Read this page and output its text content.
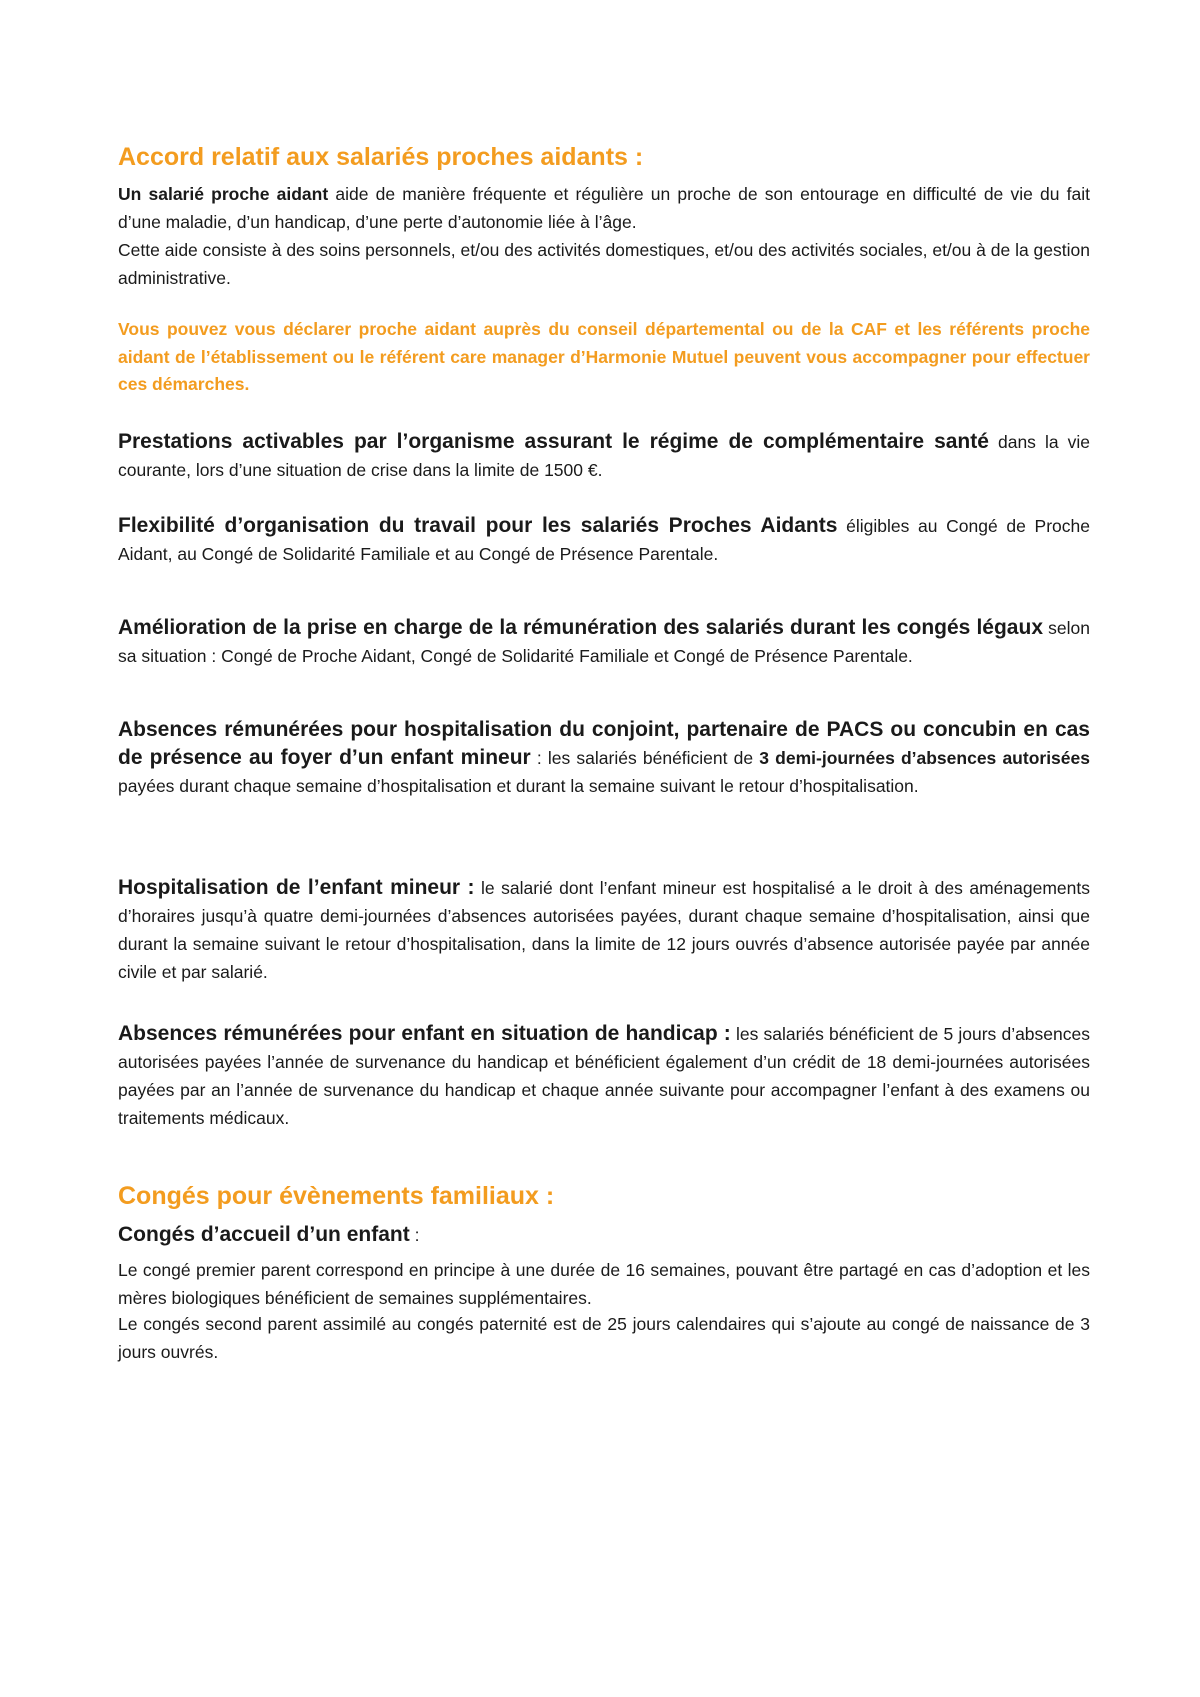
Accord relatif aux salariés proches aidants :

Un salarié proche aidant aide de manière fréquente et régulière un proche de son entourage en difficulté de vie du fait d’une maladie, d’un handicap, d’une perte d’autonomie liée à l’âge.

Cette aide consiste à des soins personnels, et/ou des activités domestiques, et/ou des activités sociales, et/ou à de la gestion administrative.

Vous pouvez vous déclarer proche aidant auprès du conseil départemental ou de la CAF et les référents proche aidant de l’établissement ou le référent care manager d’Harmonie Mutuel peuvent vous accompagner pour effectuer ces démarches.

Prestations activables par l’organisme assurant le régime de complémentaire santé dans la vie courante, lors d’une situation de crise dans la limite de 1500 €.

Flexibilité d’organisation du travail pour les salariés Proches Aidants éligibles au Congé de Proche Aidant, au Congé de Solidarité Familiale et au Congé de Présence Parentale.

Amélioration de la prise en charge de la rémunération des salariés durant les congés légaux selon sa situation : Congé de Proche Aidant, Congé de Solidarité Familiale et Congé de Présence Parentale.

Absences rémunérées pour hospitalisation du conjoint, partenaire de PACS ou concubin en cas de présence au foyer d’un enfant mineur : les salariés bénéficient de 3 demi-journées d’absences autorisées payées durant chaque semaine d’hospitalisation et durant la semaine suivant le retour d’hospitalisation.

Hospitalisation de l’enfant mineur : le salarié dont l’enfant mineur est hospitalisé a le droit à des aménagements d’horaires jusqu’à quatre demi-journées d’absences autorisées payées, durant chaque semaine d’hospitalisation, ainsi que durant la semaine suivant le retour d’hospitalisation, dans la limite de 12 jours ouvrés d’absence autorisée payée par année civile et par salarié.

Absences rémunérées pour enfant en situation de handicap : les salariés bénéficient de 5 jours d’absences autorisées payées l’année de survenance du handicap et bénéficient également d’un crédit de 18 demi-journées autorisées payées par an l’année de survenance du handicap et chaque année suivante pour accompagner l’enfant à des examens ou traitements médicaux.

Congés pour évènements familiaux :

Congés d’accueil d’un enfant :

Le congé premier parent correspond en principe à une durée de 16 semaines, pouvant être partagé en cas d’adoption et les mères biologiques bénéficient de semaines supplémentaires.

Le congés second parent assimilé au congés paternité est de 25 jours calendaires qui s’ajoute au congé de naissance de 3 jours ouvrés.
